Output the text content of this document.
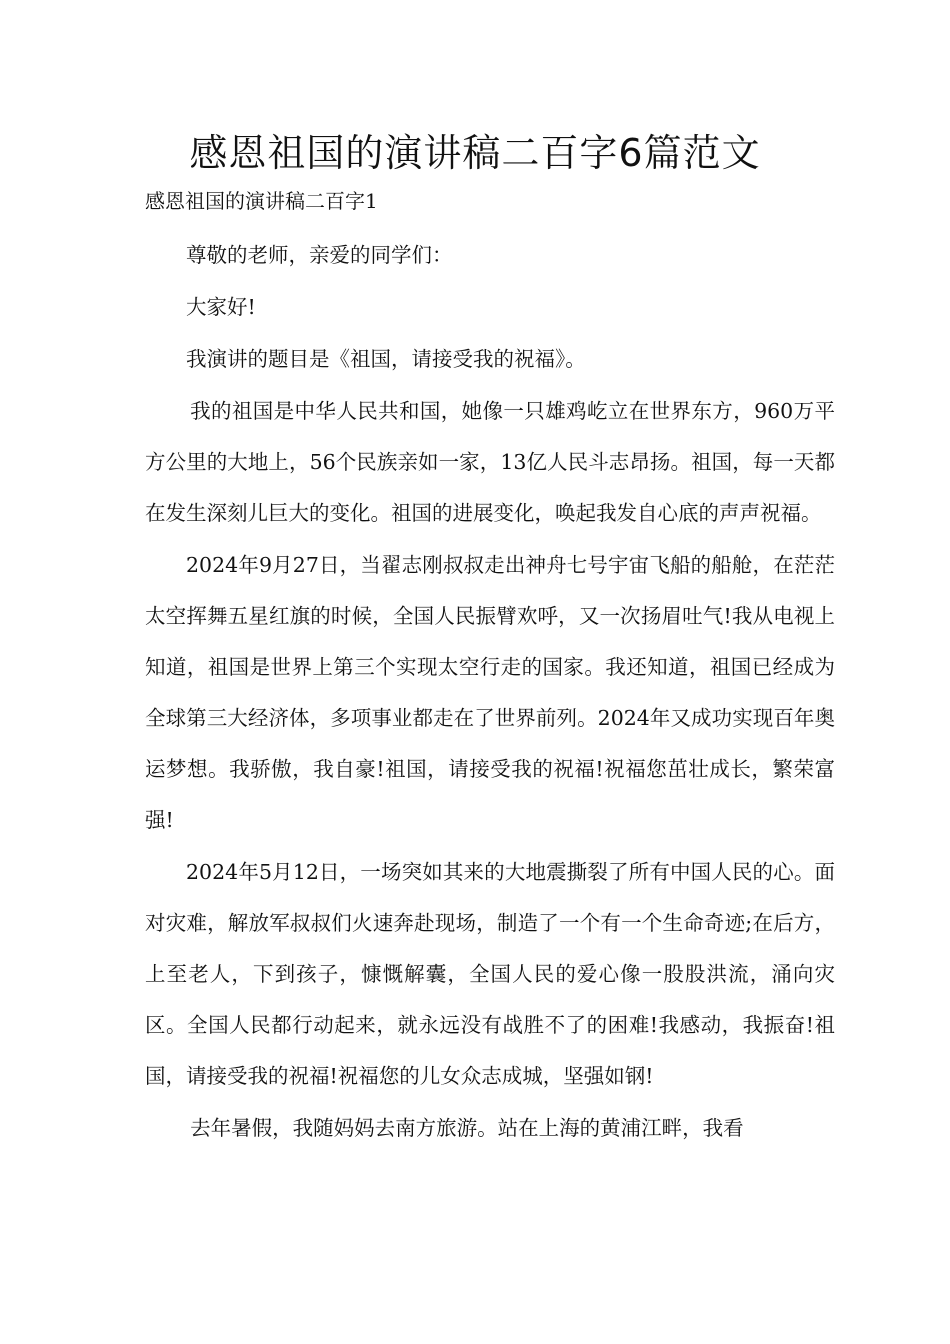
感恩祖国的演讲稿二百字6篇范文
感恩祖国的演讲稿二百字1

尊敬的老师，亲爱的同学们：

大家好!

我演讲的题目是《祖国，请接受我的祝福》。

我的祖国是中华人民共和国，她像一只雄鸡屹立在世界东方，960万平方公里的大地上，56个民族亲如一家，13亿人民斗志昂扬。祖国，每一天都在发生深刻儿巨大的变化。祖国的进展变化，唤起我发自心底的声声祝福。

2024年9月27日，当翟志刚叔叔走出神舟七号宇宙飞船的船舱，在茫茫太空挥舞五星红旗的时候，全国人民振臂欢呼，又一次扬眉吐气!我从电视上知道，祖国是世界上第三个实现太空行走的国家。我还知道，祖国已经成为全球第三大经济体，多项事业都走在了世界前列。2024年又成功实现百年奥运梦想。我骄傲，我自豪!祖国，请接受我的祝福!祝福您茁壮成长，繁荣富强!

2024年5月12日，一场突如其来的大地震撕裂了所有中国人民的心。面对灾难，解放军叔叔们火速奔赴现场，制造了一个有一个生命奇迹;在后方，上至老人，下到孩子，慷慨解囊，全国人民的爱心像一股股洪流，涌向灾区。全国人民都行动起来，就永远没有战胜不了的困难!我感动，我振奋!祖国，请接受我的祝福!祝福您的儿女众志成城，坚强如钢!

去年暑假，我随妈妈去南方旅游。站在上海的黄浦江畔，我看
